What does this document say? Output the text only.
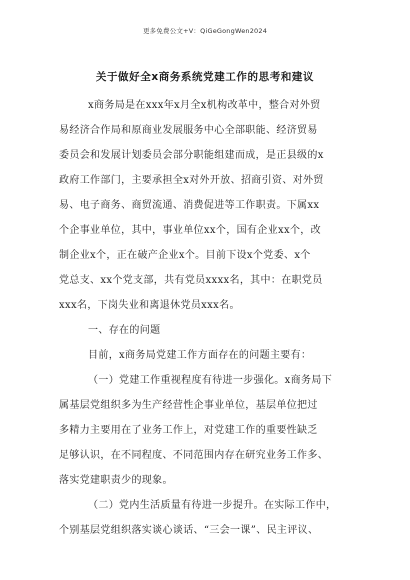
更多免费公文+V：QiGeGongWen2024
关于做好全x商务系统党建工作的思考和建议
x商务局是在xxx年x月全x机构改革中，整合对外贸
易经济合作局和原商业发展服务中心全部职能、经济贸易
委员会和发展计划委员会部分职能组建而成，是正县级的x
政府工作部门，主要承担全x对外开放、招商引资、对外贸
易、电子商务、商贸流通、消费促进等工作职责。下属xx
个企事业单位，其中，事业单位xx个，国有企业xx个，改
制企业x个，正在破产企业x个。目前下设x个党委、x个
党总支、xx个党支部，共有党员xxxx名，其中：在职党员
xxx名，下岗失业和离退休党员xxx名。
一、存在的问题
目前，x商务局党建工作方面存在的问题主要有：
（一）党建工作重视程度有待进一步强化。x商务局下
属基层党组织多为生产经营性企事业单位，基层单位把过
多精力主要用在了业务工作上，对党建工作的重要性缺乏
足够认识，在不同程度、不同范围内存在研究业务工作多、
落实党建职责少的现象。
（二）党内生活质量有待进一步提升。在实际工作中，
个别基层党组织落实谈心谈话、“三会一课”、民主评议、
